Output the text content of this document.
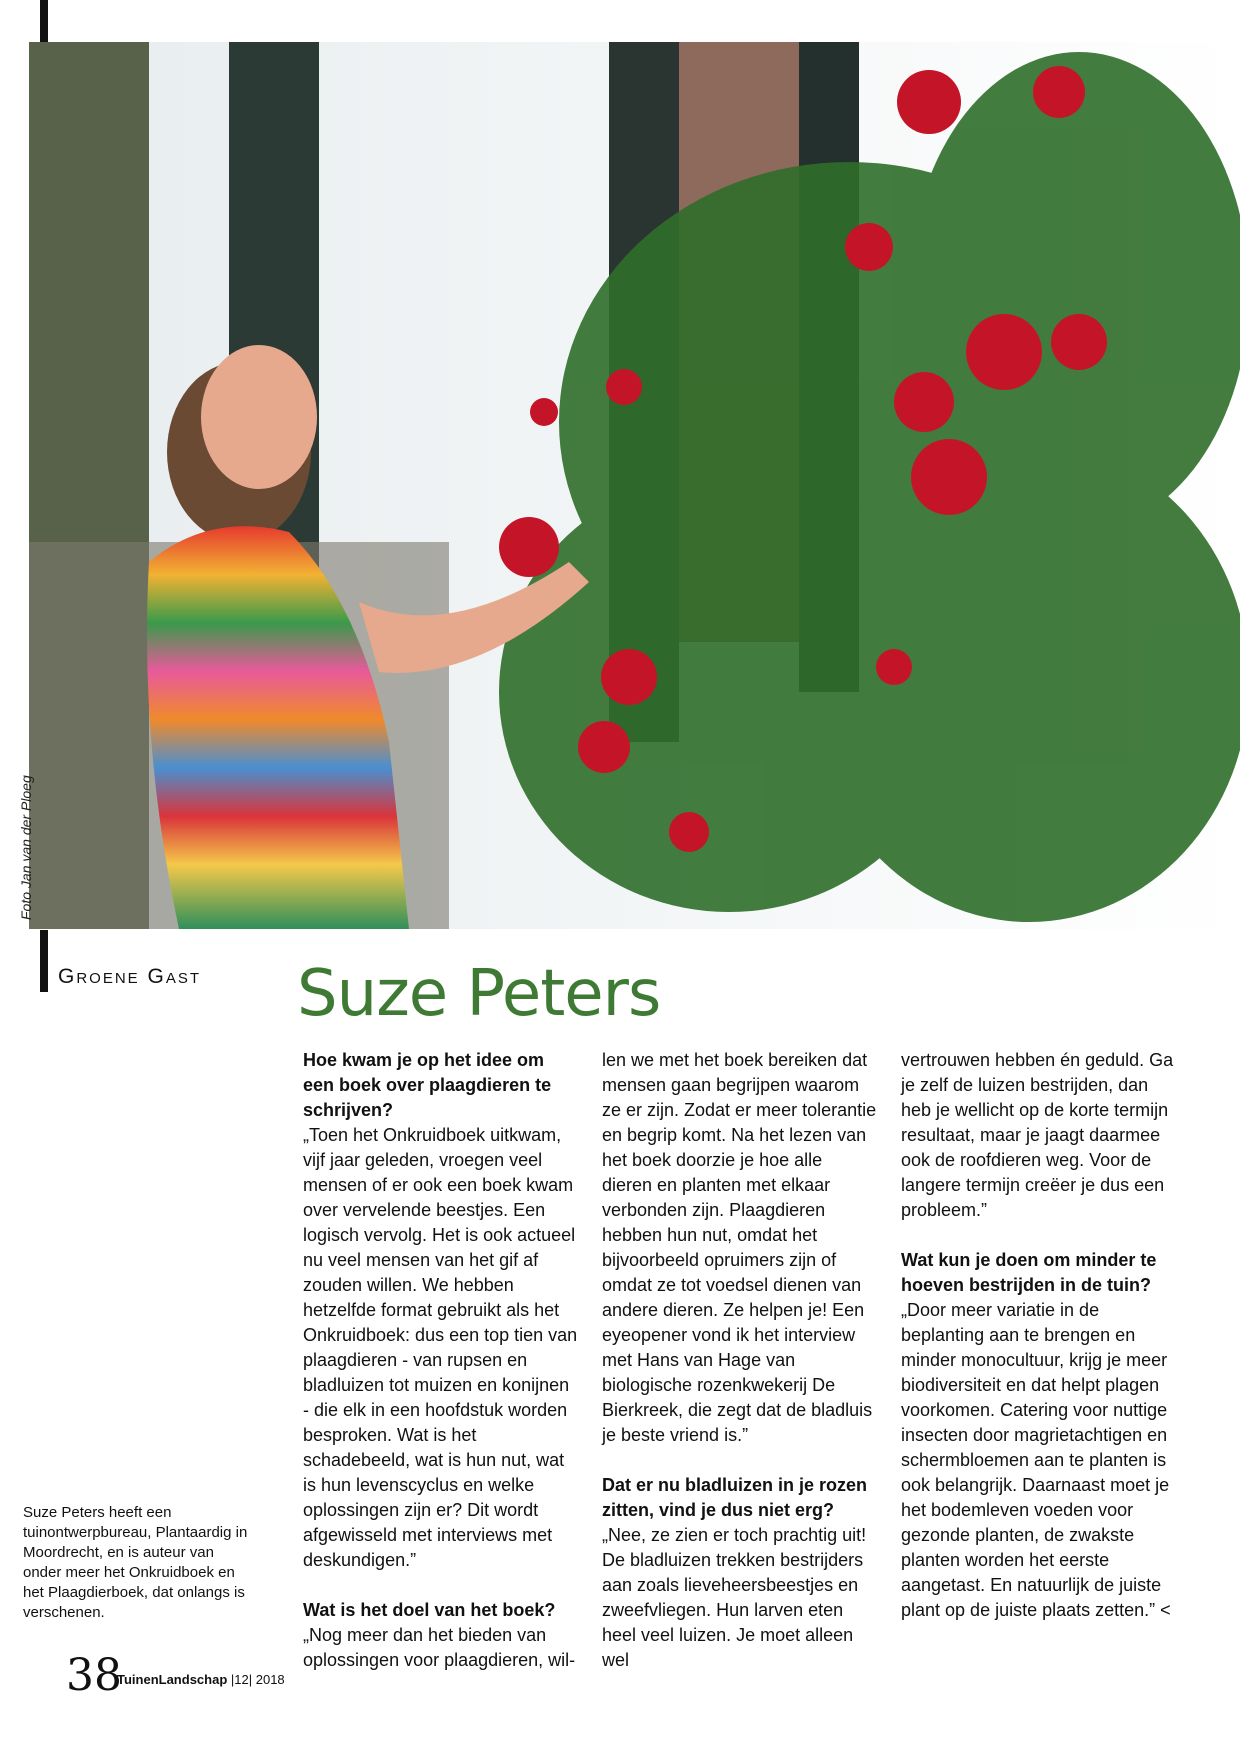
Foto Jan van der Ploeg
Groene Gast Suze Peters
Suze Peters heeft een tuinontwerpbureau, Plantaardig in Moordrecht, en is auteur van onder meer het Onkruidboek en het Plaagdierboek, dat onlangs is verschenen.
Hoe kwam je op het idee om een boek over plaagdieren te schrijven?

„Toen het Onkruidboek uitkwam, vijf jaar geleden, vroegen veel mensen of er ook een boek kwam over vervelende beestjes. Een logisch vervolg. Het is ook actueel nu veel mensen van het gif af zouden willen. We hebben hetzelfde format gebruikt als het Onkruidboek: dus een top tien van plaagdieren - van rupsen en bladluizen tot muizen en konijnen - die elk in een hoofdstuk worden besproken. Wat is het schadebeeld, wat is hun nut, wat is hun levenscyclus en welke oplossingen zijn er? Dit wordt afgewisseld met interviews met deskundigen.”

Wat is het doel van het boek?

„Nog meer dan het bieden van oplossingen voor plaagdieren, wil-

len we met het boek bereiken dat mensen gaan begrijpen waarom ze er zijn. Zodat er meer tolerantie en begrip komt. Na het lezen van het boek doorzie je hoe alle dieren en planten met elkaar verbonden zijn. Plaagdieren hebben hun nut, omdat het bijvoorbeeld opruimers zijn of omdat ze tot voedsel dienen van andere dieren. Ze helpen je! Een eyeopener vond ik het interview met Hans van Hage van biologische rozenkwekerij De Bierkreek, die zegt dat de bladluis je beste vriend is.”

Dat er nu bladluizen in je rozen zitten, vind je dus niet erg?

„Nee, ze zien er toch prachtig uit! De bladluizen trekken bestrijders aan zoals lieveheersbeestjes en zweefvliegen. Hun larven eten heel veel luizen. Je moet alleen wel

vertrouwen hebben én geduld. Ga je zelf de luizen bestrijden, dan heb je wellicht op de korte termijn resultaat, maar je jaagt daarmee ook de roofdieren weg. Voor de langere termijn creëer je dus een probleem.”

Wat kun je doen om minder te hoeven bestrijden in de tuin?

„Door meer variatie in de beplanting aan te brengen en minder monocultuur, krijg je meer biodiversiteit en dat helpt plagen voorkomen. Catering voor nuttige insecten door magrietachtigen en schermbloemen aan te planten is ook belangrijk. Daarnaast moet je het bodemleven voeden voor gezonde planten, de zwakste planten worden het eerste aangetast. En natuurlijk de juiste plant op de juiste plaats zetten.” <

38
TuinenLandschap |12| 2018
